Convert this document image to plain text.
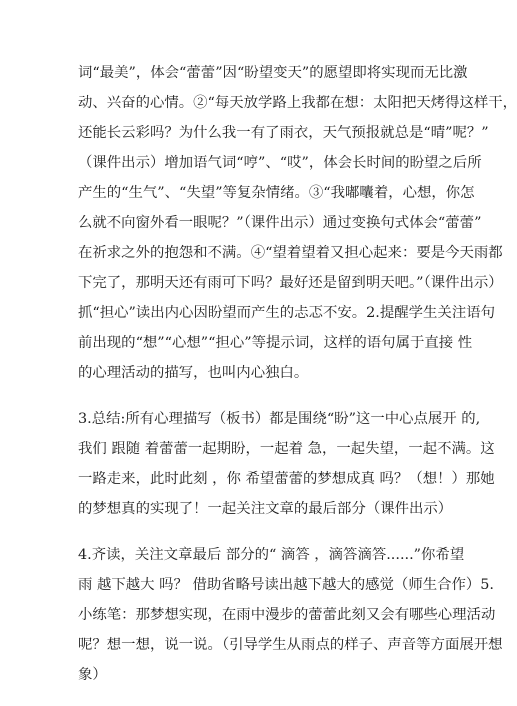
词“最美”，体会“蕾蕾”因“盼望变天”的愿望即将实现而无比激
动、兴奋的心情。②“每天放学路上我都在想：太阳把天烤得这样干，
还能长云彩吗？为什么我一有了雨衣，天气预报就总是“晴”呢？”
（课件出示）增加语气词“哼”、“哎”，体会长时间的盼望之后所
产生的“生气”、“失望”等复杂情绪。③“我嘟囔着，心想，你怎
么就不向窗外看一眼呢？”（课件出示）通过变换句式体会“蕾蕾”
在祈求之外的抱怨和不满。④“望着望着又担心起来：要是今天雨都
下完了，那明天还有雨可下吗？最好还是留到明天吧。”（课件出示）
抓“担心”读出内心因盼望而产生的忐忑不安。2.提醒学生关注语句
前出现的“想”“心想”“担心”等提示词，这样的语句属于直接 性
的心理活动的描写，也叫内心独白。
3.总结:所有心理描写（板书）都是围绕“盼”这一中心点展开 的,
我们 跟随 着蕾蕾一起期盼，一起着 急，一起失望，一起不满。这
一路走来，此时此刻 ，你 希望蕾蕾的梦想成真 吗？（想！）那她
的梦想真的实现了！一起关注文章的最后部分（课件出示）
4.齐读，关注文章最后 部分的“ 滴答 ，滴答滴答......”你希望
雨 越下越大 吗？ 借助省略号读出越下越大的感觉（师生合作）5.
小练笔：那梦想实现，在雨中漫步的蕾蕾此刻又会有哪些心理活动
呢？想一想，说一说。（引导学生从雨点的样子、声音等方面展开想
象）
